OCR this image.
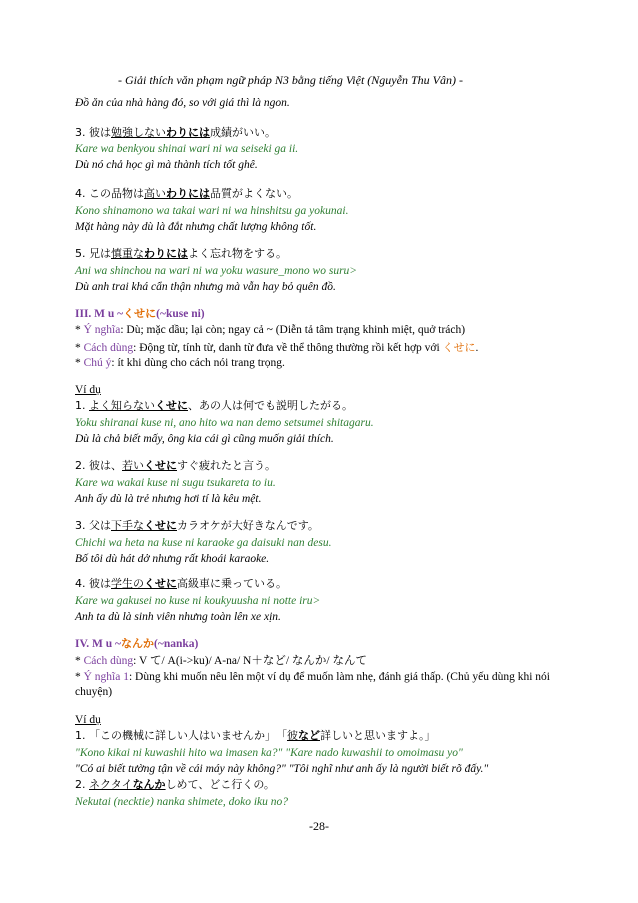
- Giải thích văn phạm ngữ pháp N3 bằng tiếng Việt (Nguyễn Thu Vân) -
Đồ ăn của nhà hàng đó, so với giá thì là ngon.
3. 彼は勉強しないわりには成績がいい。
Kare wa benkyou shinai wari ni wa seiseki ga ii.
Dù nó chả học gì mà thành tích tốt ghê.
4. この品物は高いわりには品質がよくない。
Kono shinamono wa takai wari ni wa hinshitsu ga yokunai.
Mặt hàng này dù là đắt nhưng chất lượng không tốt.
5. 兄は慎重なわりにはよく忘れ物をする。
Ani wa shinchou na wari ni wa yoku wasure_mono wo suru>
Dù anh trai khá cẩn thận nhưng mà vẫn hay bỏ quên đồ.
III. M u ~くせに(~kuse ni)
* Ý nghĩa: Dù; mặc dầu; lại còn; ngay cả ~ (Diễn tả tâm trạng khinh miệt, quở trách)
* Cách dùng: Động từ, tính từ, danh từ đưa về thể thông thường rồi kết hợp với くせに.
* Chú ý: ít khi dùng cho cách nói trang trọng.
Ví dụ
1. よく知らないくせに、あの人は何でも説明したがる。
Yoku shiranai kuse ni, ano hito wa nan demo setsumei shitagaru.
Dù là chả biết mấy, ông kia cái gì cũng muốn giải thích.
2. 彼は、若いくせにすぐ疲れたと言う。
Kare wa wakai kuse ni sugu tsukareta to iu.
Anh ấy dù là trẻ nhưng hơi tí là kêu mệt.
3. 父は下手なくせにカラオケが大好きなんです。
Chichi wa heta na kuse ni karaoke ga daisuki nan desu.
Bố tôi dù hát dở nhưng rất khoái karaoke.
4. 彼は学生のくせに高級車に乗っている。
Kare wa gakusei no kuse ni koukyuusha ni notte iru>
Anh ta dù là sinh viên nhưng toàn lên xe xịn.
IV. M u ~なんか(~nanka)
* Cách dùng: V て/ A(i->ku)/ A-na/ N＋など/ なんか/ なんて
* Ý nghĩa 1: Dùng khi muốn nêu lên một ví dụ để muốn làm nhẹ, đánh giá thấp. (Chủ yếu dùng khi nói chuyện)
Ví dụ
1. 「この機械に詳しい人はいませんか」　「彼など詳しいと思いますよ。」
"Kono kikai ni kuwashii hito wa imasen ka?" "Kare nado kuwashii to omoimasu yo"
"Có ai biết tường tận về cái máy này không?" "Tôi nghĩ như anh ấy là người biết rõ đấy."
2. ネクタイなんかしめて、どこ行くの。
Nekutai (necktie) nanka shimete, doko iku no?
-28-
